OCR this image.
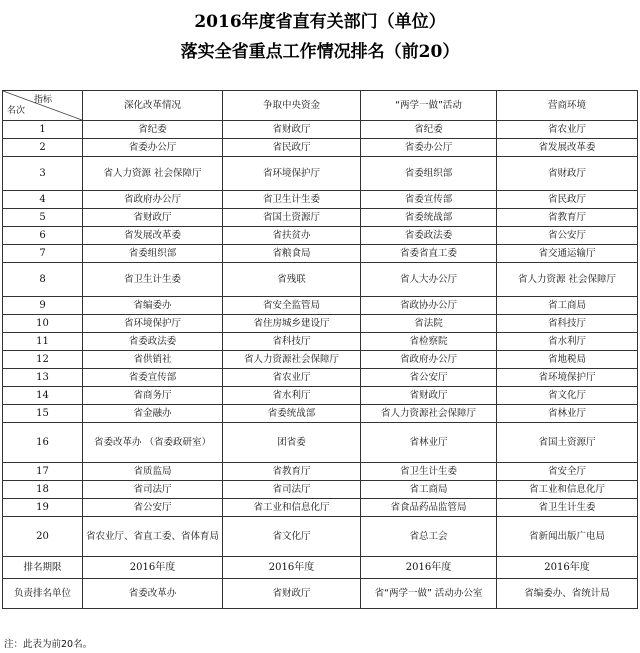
2016年度省直有关部门（单位）
落实全省重点工作情况排名（前20）
指标
名次	深化改革情况	争取中央资金	“两学一做”活动	营商环境
1	省纪委	省财政厅	省纪委	省农业厅
2	省委办公厅	省民政厅	省委办公厅	省发展改革委
3	省人力资源 社会保障厅	省环境保护厅	省委组织部	省财政厅
4	省政府办公厅	省卫生计生委	省委宣传部	省民政厅
5	省财政厅	省国土资源厅	省委统战部	省教育厅
6	省发展改革委	省扶贫办	省委政法委	省公安厅
7	省委组织部	省粮食局	省委省直工委	省交通运输厅
8	省卫生计生委	省残联	省人大办公厅	省人力资源 社会保障厅
9	省编委办	省安全监管局	省政协办公厅	省工商局
10	省环境保护厅	省住房城乡建设厅	省法院	省科技厅
11	省委政法委	省科技厅	省检察院	省水利厅
12	省供销社	省人力资源社会保障厅	省政府办公厅	省地税局
13	省委宣传部	省农业厅	省公安厅	省环境保护厅
14	省商务厅	省水利厅	省财政厅	省文化厅
15	省金融办	省委统战部	省人力资源社会保障厅	省林业厅
16	省委改革办 （省委政研室）	团省委	省林业厅	省国土资源厅
17	省质监局	省教育厅	省卫生计生委	省安全厅
18	省司法厅	省司法厅	省工商局	省工业和信息化厅
19	省公安厅	省工业和信息化厅	省食品药品监管局	省卫生计生委
20	省农业厅、省直工委、省体育局	省文化厅	省总工会	省新闻出版广电局
排名期限	2016年度	2016年度	2016年度	2016年度
负责排名单位	省委改革办	省财政厅	省“两学一做” 活动办公室	省编委办、省统计局
注：此表为前20名。
